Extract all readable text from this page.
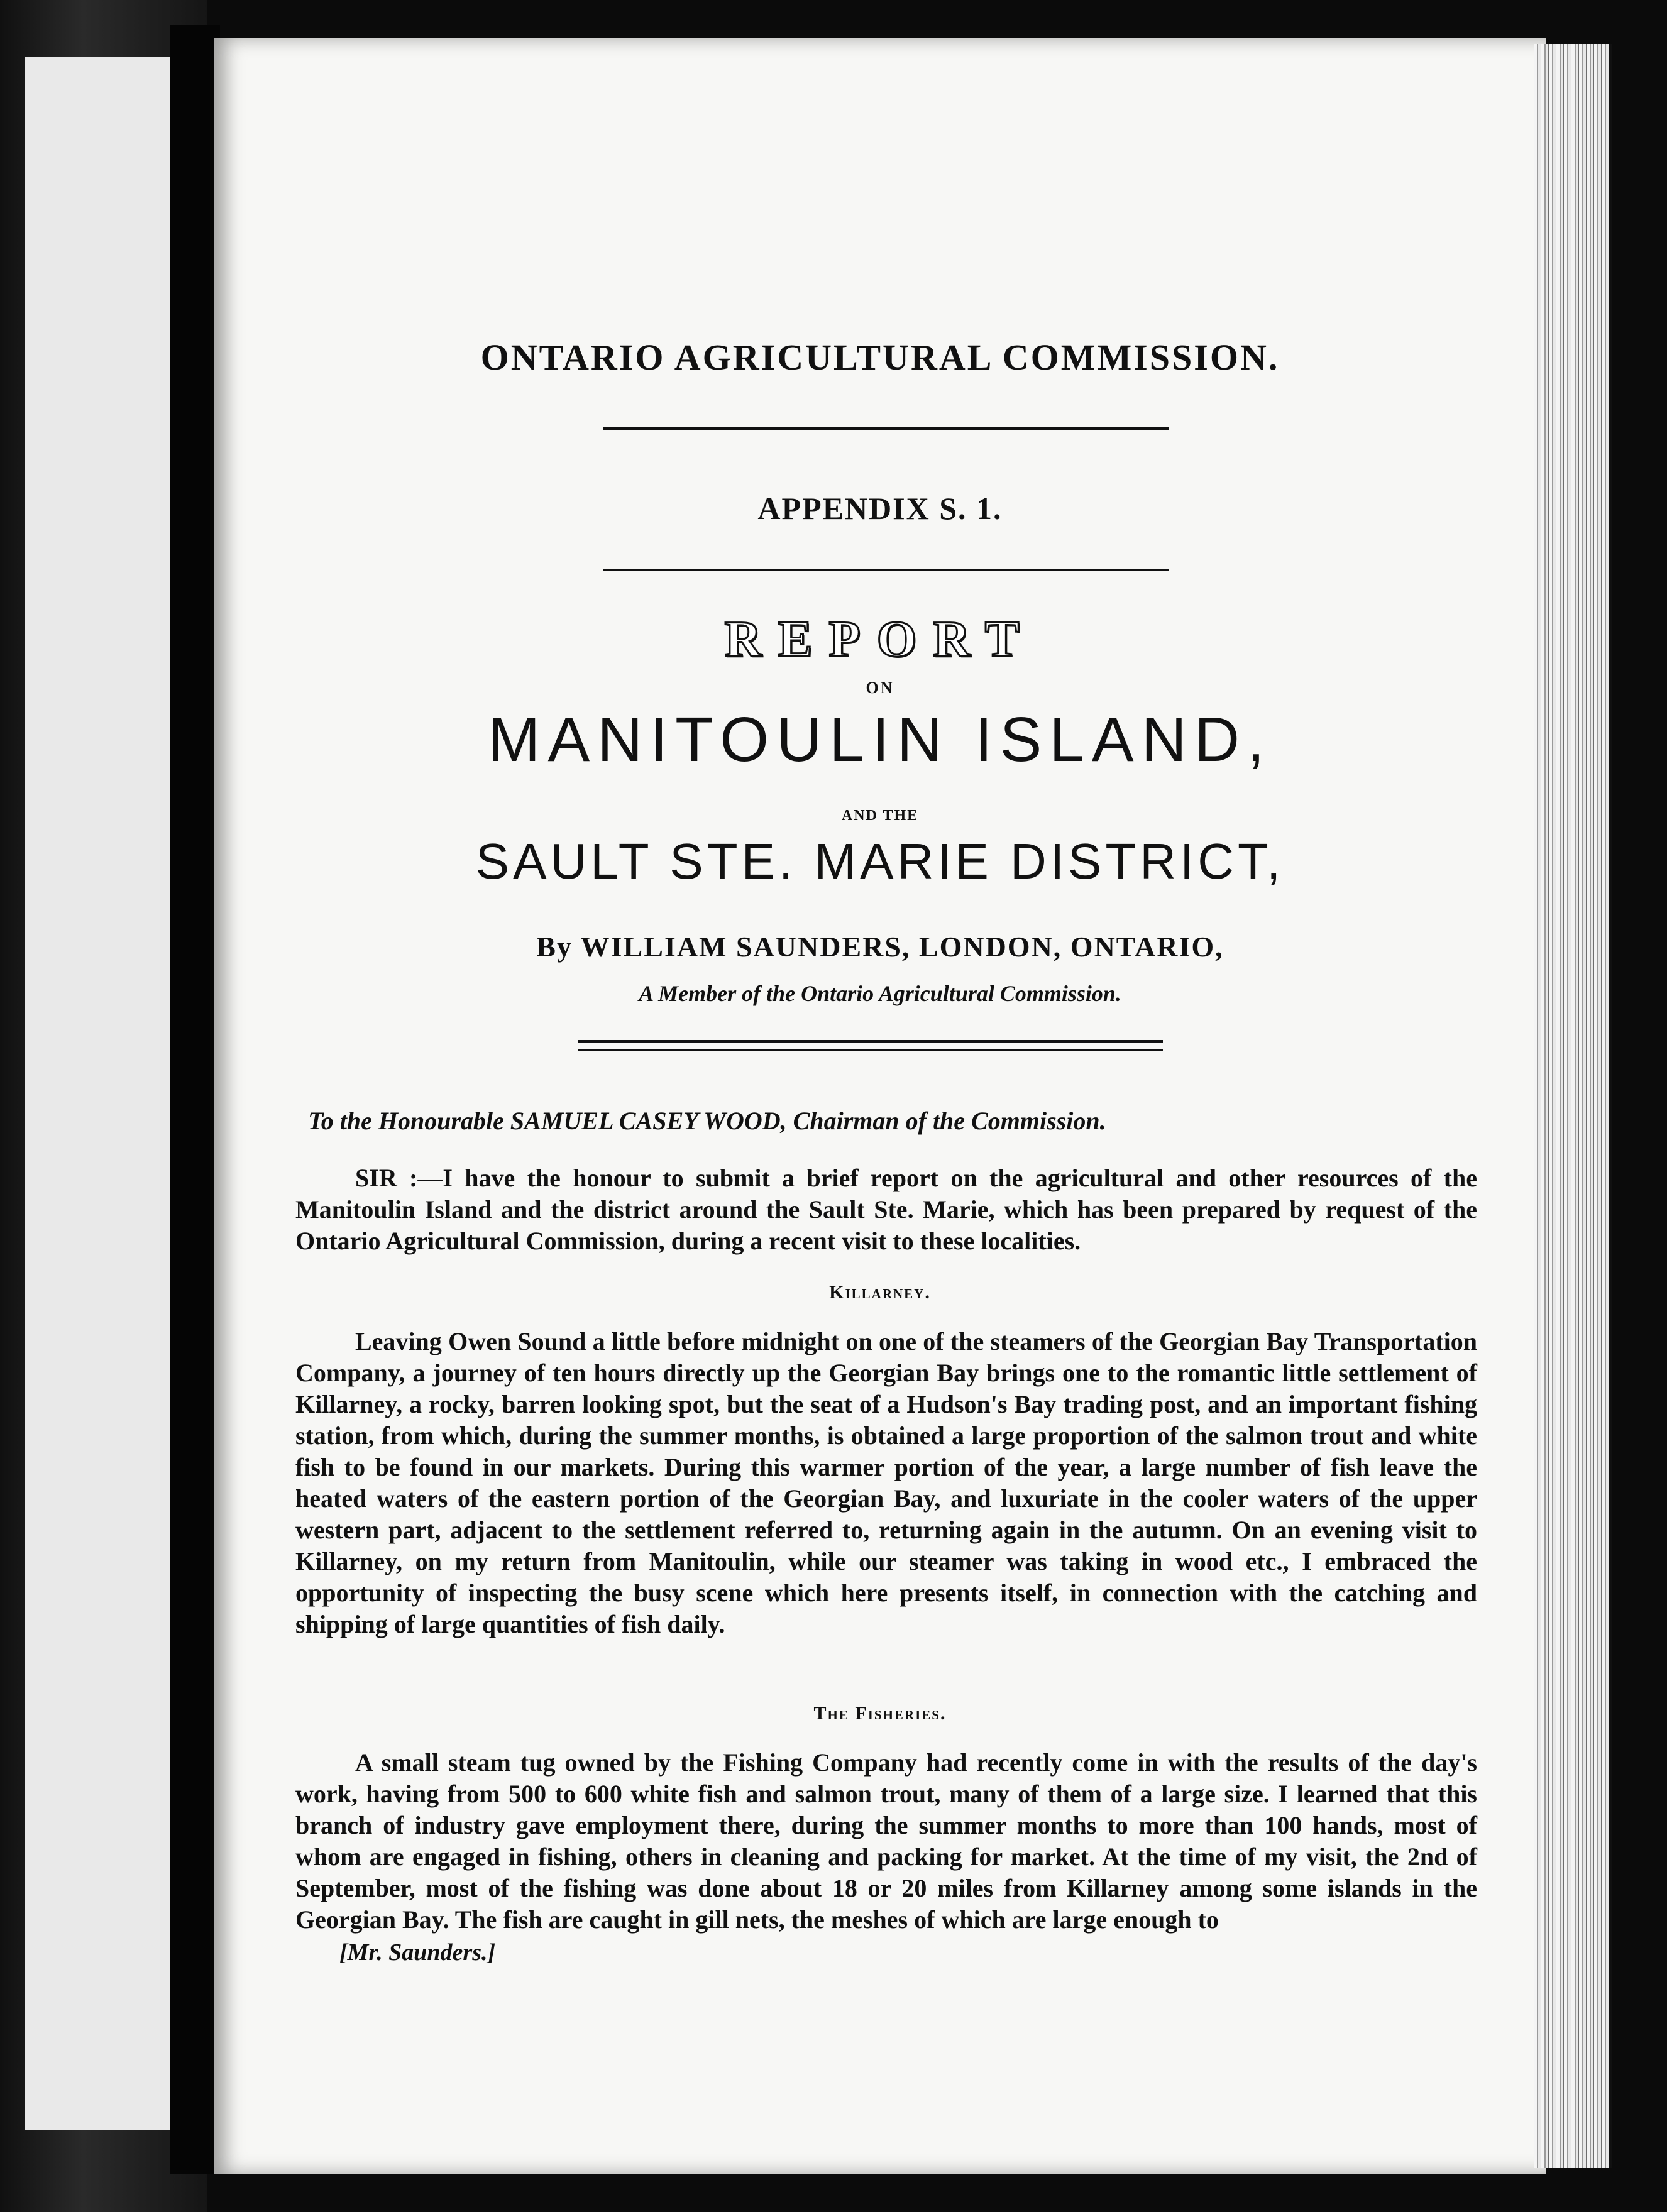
ONTARIO AGRICULTURAL COMMISSION.
APPENDIX S. 1.
REPORT
ON
MANITOULIN ISLAND,
AND THE
SAULT STE. MARIE DISTRICT,
By WILLIAM SAUNDERS, LONDON, ONTARIO,
A Member of the Ontario Agricultural Commission.
To the Honourable SAMUEL CASEY WOOD, Chairman of the Commission.

SIR :—I have the honour to submit a brief report on the agricultural and other resources of the Manitoulin Island and the district around the Sault Ste. Marie, which has been prepared by request of the Ontario Agricultural Commission, during a recent visit to these localities.

Killarney.

Leaving Owen Sound a little before midnight on one of the steamers of the Georgian Bay Transportation Company, a journey of ten hours directly up the Georgian Bay brings one to the romantic little settlement of Killarney, a rocky, barren looking spot, but the seat of a Hudson's Bay trading post, and an important fishing station, from which, during the summer months, is obtained a large proportion of the salmon trout and white fish to be found in our markets. During this warmer portion of the year, a large number of fish leave the heated waters of the eastern portion of the Georgian Bay, and luxuriate in the cooler waters of the upper western part, adjacent to the settlement referred to, returning again in the autumn. On an evening visit to Killarney, on my return from Manitoulin, while our steamer was taking in wood etc., I embraced the opportunity of inspecting the busy scene which here presents itself, in connection with the catching and shipping of large quantities of fish daily.

The Fisheries.

A small steam tug owned by the Fishing Company had recently come in with the results of the day's work, having from 500 to 600 white fish and salmon trout, many of them of a large size. I learned that this branch of industry gave employment there, during the summer months to more than 100 hands, most of whom are engaged in fishing, others in cleaning and packing for market. At the time of my visit, the 2nd of September, most of the fishing was done about 18 or 20 miles from Killarney among some islands in the Georgian Bay. The fish are caught in gill nets, the meshes of which are large enough to

[Mr. Saunders.]
